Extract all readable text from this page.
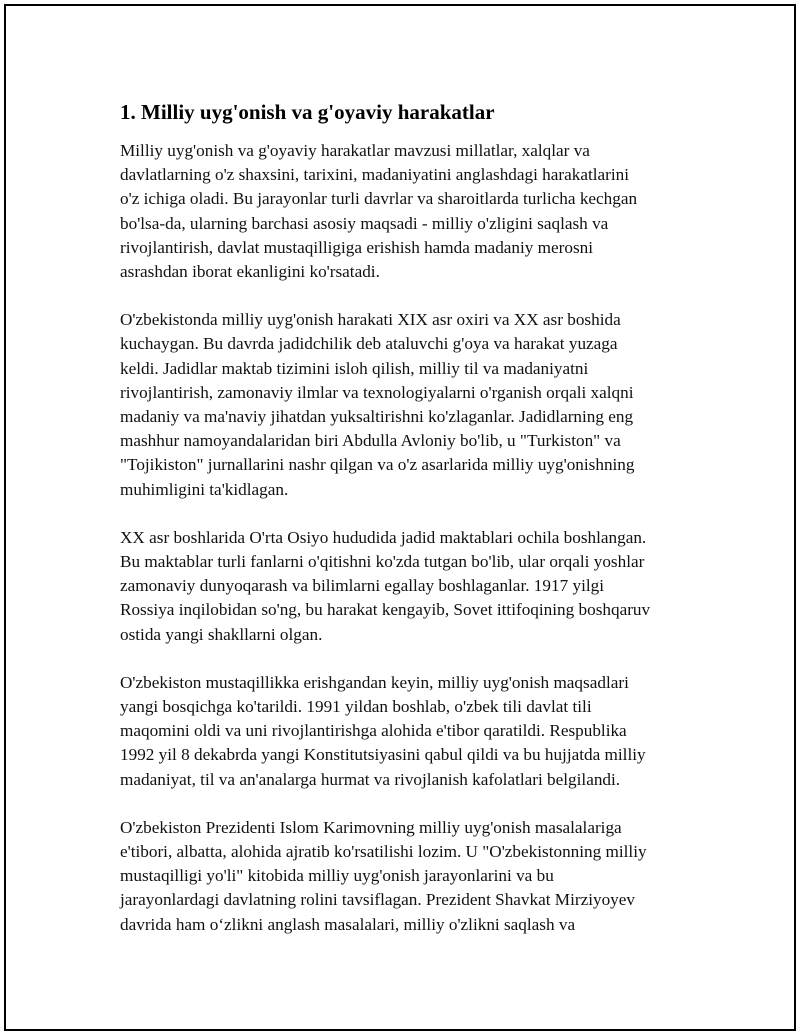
1. Milliy uyg'onish va g'oyaviy harakatlar

Milliy uyg'onish va g'oyaviy harakatlar mavzusi millatlar, xalqlar va
davlatlarning o'z shaxsini, tarixini, madaniyatini anglashdagi harakatlarini
o'z ichiga oladi. Bu jarayonlar turli davrlar va sharoitlarda turlicha kechgan
bo'lsa-da, ularning barchasi asosiy maqsadi - milliy o'zligini saqlash va
rivojlantirish, davlat mustaqilligiga erishish hamda madaniy merosni
asrashdan iborat ekanligini ko'rsatadi.

O'zbekistonda milliy uyg'onish harakati XIX asr oxiri va XX asr boshida
kuchaygan. Bu davrda jadidchilik deb ataluvchi g'oya va harakat yuzaga
keldi. Jadidlar maktab tizimini isloh qilish, milliy til va madaniyatni
rivojlantirish, zamonaviy ilmlar va texnologiyalarni o'rganish orqali xalqni
madaniy va ma'naviy jihatdan yuksaltirishni ko'zlaganlar. Jadidlarning eng
mashhur namoyandalaridan biri Abdulla Avloniy bo'lib, u "Turkiston" va
"Tojikiston" jurnallarini nashr qilgan va o'z asarlarida milliy uyg'onishning
muhimligini ta'kidlagan.

XX asr boshlarida O'rta Osiyo hududida jadid maktablari ochila boshlangan.
Bu maktablar turli fanlarni o'qitishni ko'zda tutgan bo'lib, ular orqali yoshlar
zamonaviy dunyoqarash va bilimlarni egallay boshlaganlar. 1917 yilgi
Rossiya inqilobidan so'ng, bu harakat kengayib, Sovet ittifoqining boshqaruv
ostida yangi shakllarni olgan.

O'zbekiston mustaqillikka erishgandan keyin, milliy uyg'onish maqsadlari
yangi bosqichga ko'tarildi. 1991 yildan boshlab, o'zbek tili davlat tili
maqomini oldi va uni rivojlantirishga alohida e'tibor qaratildi. Respublika
1992 yil 8 dekabrda yangi Konstitutsiyasini qabul qildi va bu hujjatda milliy
madaniyat, til va an'analarga hurmat va rivojlanish kafolatlari belgilandi.

O'zbekiston Prezidenti Islom Karimovning milliy uyg'onish masalalariga
e'tibori, albatta, alohida ajratib ko'rsatilishi lozim. U "O'zbekistonning milliy
mustaqilligi yo'li" kitobida milliy uyg'onish jarayonlarini va bu
jarayonlardagi davlatning rolini tavsiflagan. Prezident Shavkat Mirziyoyev
davrida ham o‘zlikni anglash masalalari, milliy o'zlikni saqlash va
